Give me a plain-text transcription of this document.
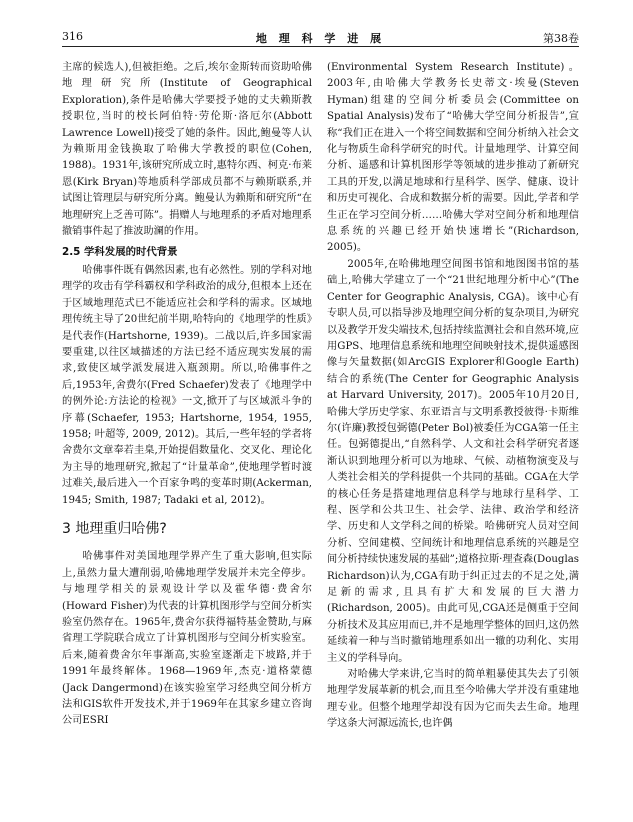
316	地 理 科 学 进 展	第38卷

主席的候选人),但被拒绝。之后,埃尔金斯转而资助哈佛地理研究所(Institute of Geographical Exploration),条件是哈佛大学要授予她的丈夫赖斯教授职位,当时的校长阿伯特·劳伦斯·洛厄尔(Abbott Lawrence Lowell)接受了她的条件。因此,鲍曼等人认为赖斯用金钱换取了哈佛大学教授的职位(Cohen, 1988)。1931年,该研究所成立时,惠特尔西、柯克·布莱恩(Kirk Bryan)等地质科学部成员都不与赖斯联系,并试图让管理层与研究所分离。鲍曼认为赖斯和研究所“在地理研究上乏善可陈”。捐赠人与地理系的矛盾对地理系撤销事件起了推波助澜的作用。

2.5 学科发展的时代背景

哈佛事件既有偶然因素,也有必然性。别的学科对地理学的攻击有学科霸权和学科政治的成分,但根本上还在于区域地理范式已不能适应社会和学科的需求。区域地理传统主导了20世纪前半期,哈特向的《地理学的性质》是代表作(Hartshorne, 1939)。二战以后,许多国家需要重建,以往区域描述的方法已经不适应现实发展的需求,致使区域学派发展进入瓶颈期。所以,哈佛事件之后,1953年,舍费尔(Fred Schaefer)发表了《地理学中的例外论:方法论的检视》一文,掀开了与区域派斗争的序幕(Schaefer, 1953; Hartshorne, 1954, 1955, 1958; 叶超等, 2009, 2012)。其后,一些年轻的学者将舍费尔文章奉若圭臬,开始提倡数量化、交叉化、理论化为主导的地理研究,掀起了“计量革命”,使地理学暂时渡过难关,最后进入一个百家争鸣的变革时期(Ackerman, 1945; Smith, 1987; Tadaki et al, 2012)。

3 地理重归哈佛?

哈佛事件对美国地理学界产生了重大影响,但实际上,虽然力量大遭削弱,哈佛地理学发展并未完全停步。与地理学相关的景观设计学以及霍华德·费舍尔(Howard Fisher)为代表的计算机图形学与空间分析实验室仍然存在。1965年,费舍尔获得福特基金赞助,与麻省理工学院联合成立了计算机图形与空间分析实验室。后来,随着费舍尔年事渐高,实验室逐渐走下坡路,并于1991年最终解体。1968—1969年,杰克·道格蒙德(Jack Dangermond)在该实验室学习经典空间分析方法和GIS软件开发技术,并于1969年在其家乡建立咨询公司ESRI

(Environmental System Research Institute)。2003年,由哈佛大学教务长史蒂文·埃曼(Steven Hyman)组建的空间分析委员会(Committee on Spatial Analysis)发布了“哈佛大学空间分析报告”,宣称“我们正在进入一个将空间数据和空间分析纳入社会文化与物质生命科学研究的时代。计量地理学、计算空间分析、遥感和计算机图形学等领域的进步推动了新研究工具的开发,以满足地球和行星科学、医学、健康、设计和历史可视化、合成和数据分析的需要。因此,学者和学生正在学习空间分析……哈佛大学对空间分析和地理信息系统的兴趣已经开始快速增长”(Richardson, 2005)。

2005年,在哈佛地理空间图书馆和地图图书馆的基础上,哈佛大学建立了一个“21世纪地理分析中心”(The Center for Geographic Analysis, CGA)。该中心有专职人员,可以指导涉及地理空间分析的复杂项目,为研究以及教学开发尖端技术,包括持续监测社会和自然环境,应用GPS、地理信息系统和地理空间映射技术,提供遥感图像与矢量数据(如ArcGIS Explorer和Google Earth)结合的系统(The Center for Geographic Analysis at Harvard University, 2017)。2005年10月20日,哈佛大学历史学家、东亚语言与文明系教授彼得·卡斯维尔(许廉)教授包弼德(Peter Bol)被委任为CGA第一任主任。包弼德提出,“自然科学、人文和社会科学研究者逐渐认识到地理分析可以为地球、气候、动植物演变及与人类社会相关的学科提供一个共同的基础。CGA在大学的核心任务是搭建地理信息科学与地球行星科学、工程、医学和公共卫生、社会学、法律、政治学和经济学、历史和人文学科之间的桥梁。哈佛研究人员对空间分析、空间建模、空间统计和地理信息系统的兴趣是空间分析持续快速发展的基础”;道格拉斯·理查森(Douglas Richardson)认为,CGA有助于纠正过去的不足之处,满足新的需求,且具有扩大和发展的巨大潜力(Richardson, 2005)。由此可见,CGA还是侧重于空间分析技术及其应用而已,并不是地理学整体的回归,这仍然延续着一种与当时撤销地理系如出一辙的功利化、实用主义的学科导向。

对哈佛大学来讲,它当时的简单粗暴使其失去了引领地理学发展革新的机会,而且至今哈佛大学并没有重建地理专业。但整个地理学却没有因为它而失去生命。地理学这条大河源远流长,也许偶
